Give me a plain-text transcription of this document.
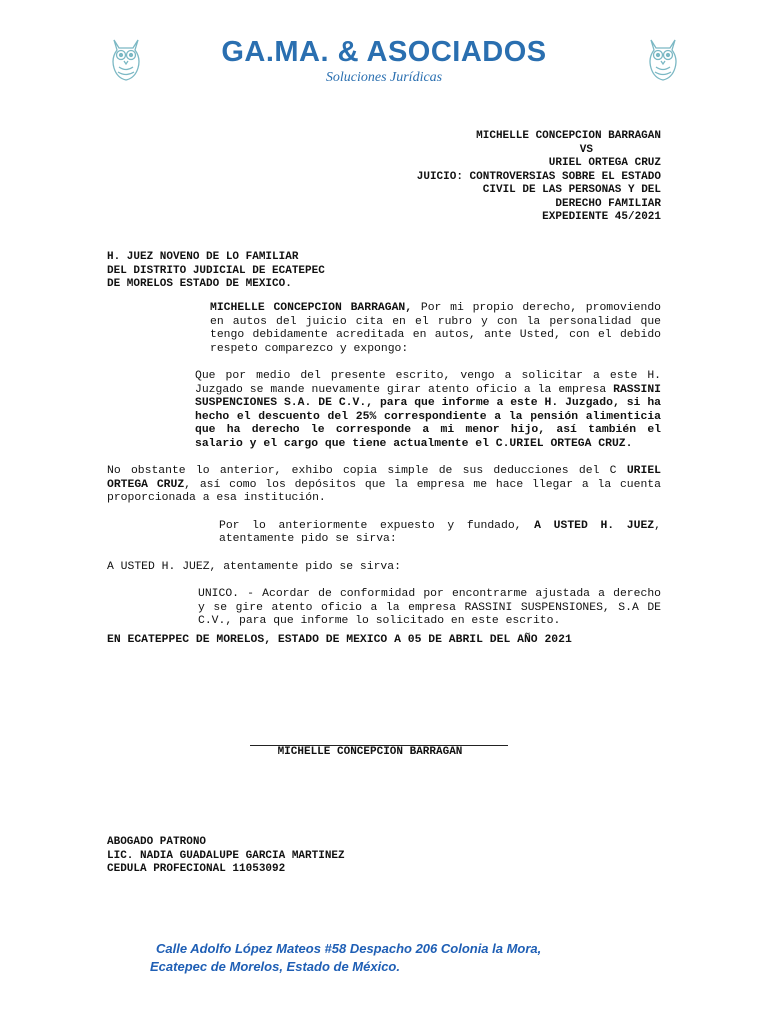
GA.MA. & ASOCIADOS
Soluciones Jurídicas
MICHELLE CONCEPCION BARRAGAN
VS
URIEL ORTEGA CRUZ
JUICIO: CONTROVERSIAS SOBRE EL ESTADO
CIVIL DE LAS PERSONAS Y DEL
DERECHO FAMILIAR
EXPEDIENTE 45/2021
H. JUEZ NOVENO DE LO FAMILIAR
DEL DISTRITO JUDICIAL DE ECATEPEC
DE MORELOS ESTADO DE MEXICO.

MICHELLE CONCEPCION BARRAGAN, Por mi propio derecho, promoviendo en autos del juicio cita en el rubro y con la personalidad que tengo debidamente acreditada en autos, ante Usted, con el debido respeto comparezco y expongo:

Que por medio del presente escrito, vengo a solicitar a este H. Juzgado se mande nuevamente girar atento oficio a la empresa RASSINI SUSPENCIONES S.A. DE C.V., para que informe a este H. Juzgado, si ha hecho el descuento del 25% correspondiente a la pensión alimenticia que ha derecho le corresponde a mi menor hijo, así también el salario y el cargo que tiene actualmente el C.URIEL ORTEGA CRUZ.

No obstante lo anterior, exhibo copia simple de sus deducciones del C URIEL ORTEGA CRUZ, así como los depósitos que la empresa me hace llegar a la cuenta proporcionada a esa institución.

Por lo anteriormente expuesto y fundado, A USTED H. JUEZ, atentamente pido se sirva:

A USTED H. JUEZ, atentamente pido se sirva:

UNICO. - Acordar de conformidad por encontrarme ajustada a derecho y se gire atento oficio a la empresa RASSINI SUSPENSIONES, S.A DE C.V., para que informe lo solicitado en este escrito.

EN ECATEPPEC DE MORELOS, ESTADO DE MEXICO A 05 DE ABRIL DEL AÑO 2021

MICHELLE CONCEPCION BARRAGAN
ABOGADO PATRONO
LIC. NADIA GUADALUPE GARCIA MARTINEZ
CEDULA PROFECIONAL 11053092
Calle Adolfo López Mateos #58 Despacho 206 Colonia la Mora,
Ecatepec de Morelos, Estado de México.
